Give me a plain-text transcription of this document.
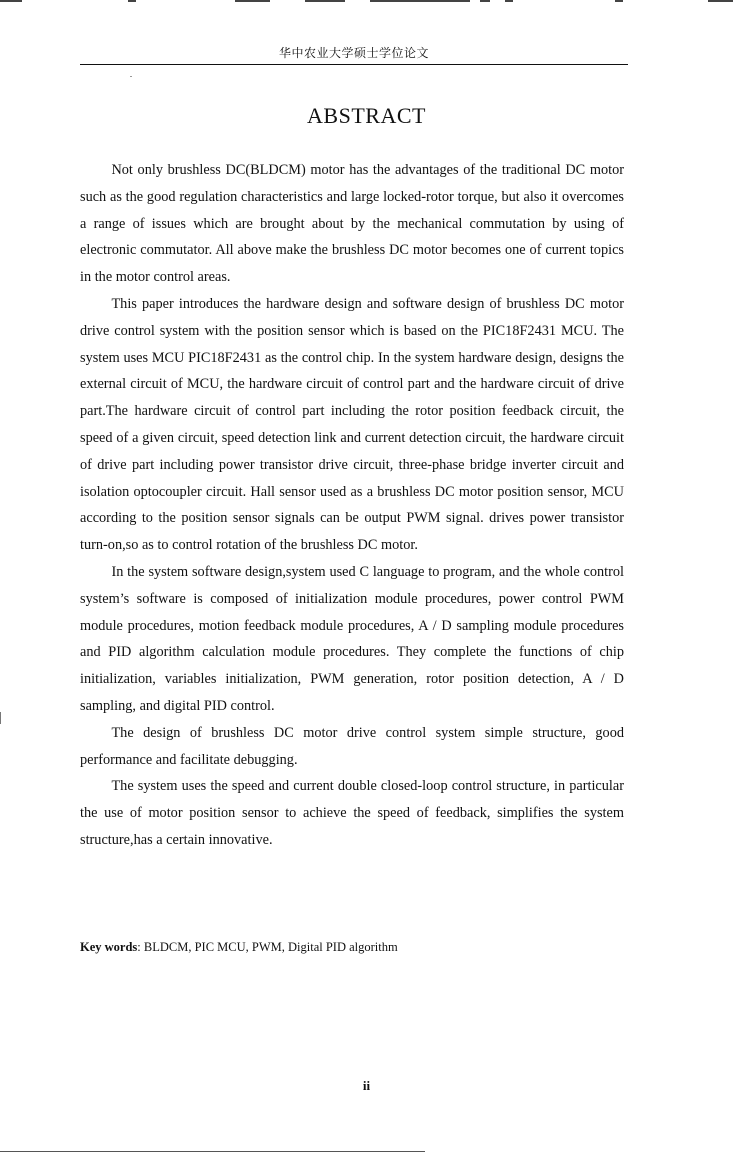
华中农业大学硕士学位论文
ABSTRACT

Not only brushless DC(BLDCM) motor has the advantages of the traditional DC motor such as the good regulation characteristics and large locked-rotor torque, but also it overcomes a range of issues which are brought about by the mechanical commutation by using of electronic commutator. All above make the brushless DC motor becomes one of current topics in the motor control areas.

This paper introduces the hardware design and software design of brushless DC motor drive control system with the position sensor which is based on the PIC18F2431 MCU. The system uses MCU PIC18F2431 as the control chip. In the system hardware design, designs the external circuit of MCU, the hardware circuit of control part and the hardware circuit of drive part.The hardware circuit of control part including the rotor position feedback circuit, the speed of a given circuit, speed detection link and current detection circuit, the hardware circuit of drive part including power transistor drive circuit, three-phase bridge inverter circuit and isolation optocoupler circuit. Hall sensor used as a brushless DC motor position sensor, MCU according to the position sensor signals can be output PWM signal. drives power transistor turn-on,so as to control rotation of the brushless DC motor.

In the system software design,system used C language to program, and the whole control system’s software is composed of initialization module procedures, power control PWM module procedures, motion feedback module procedures, A / D sampling module procedures and PID algorithm calculation module procedures. They complete the functions of chip initialization, variables initialization, PWM generation, rotor position detection, A / D sampling, and digital PID control.

The design of brushless DC motor drive control system simple structure, good performance and facilitate debugging.

The system uses the speed and current double closed-loop control structure, in particular the use of motor position sensor to achieve the speed of feedback, simplifies the system structure,has a certain innovative.

Key words: BLDCM, PIC MCU, PWM, Digital PID algorithm
ii
